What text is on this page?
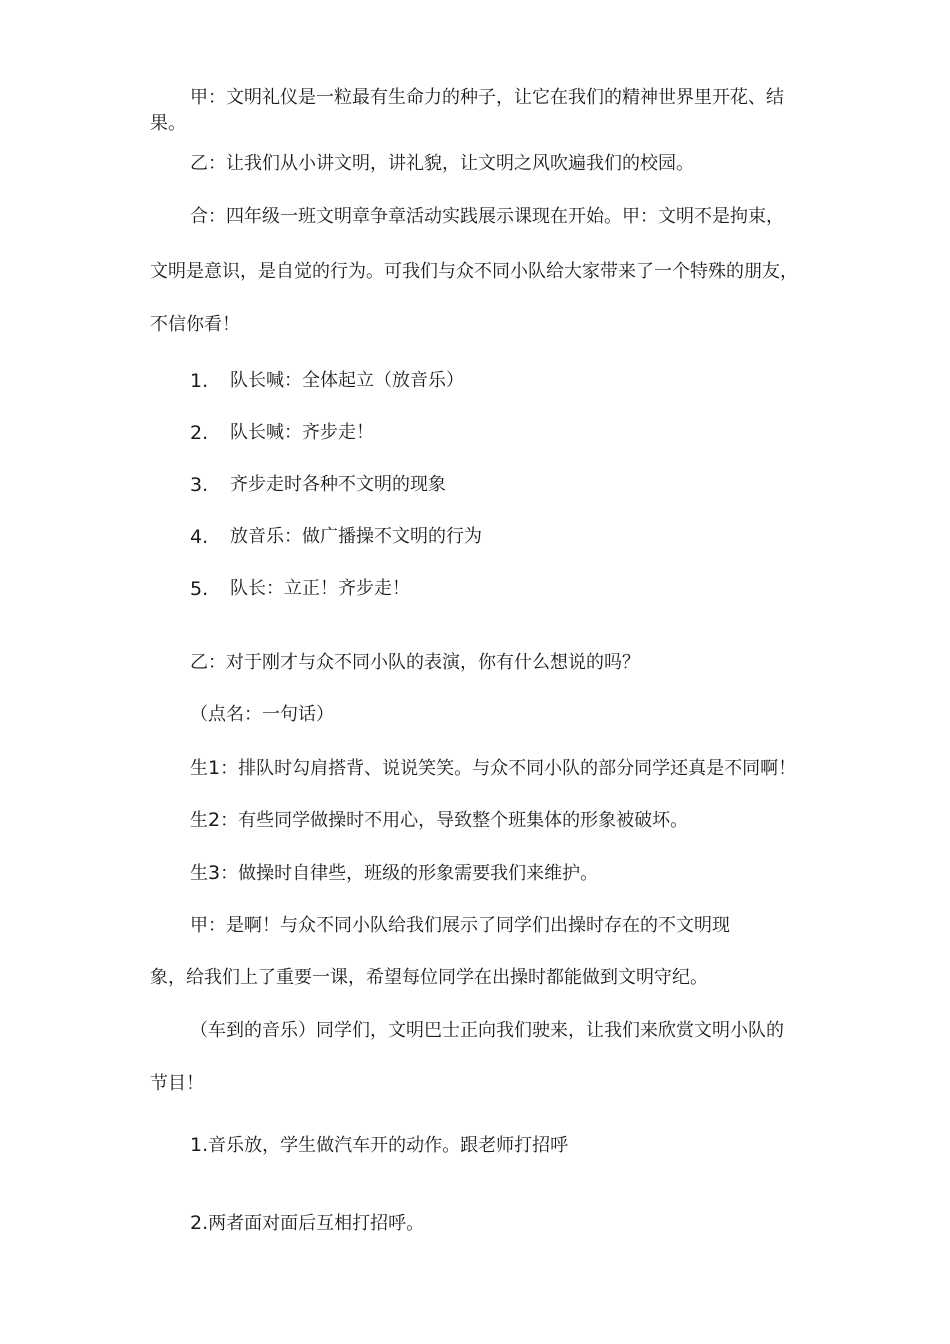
甲：文明礼仪是一粒最有生命力的种子，让它在我们的精神世界里开花、结
果。
乙：让我们从小讲文明，讲礼貌，让文明之风吹遍我们的校园。
合：四年级一班文明章争章活动实践展示课现在开始。甲：文明不是拘束，
文明是意识，是自觉的行为。可我们与众不同小队给大家带来了一个特殊的朋友，
不信你看！
1. 队长喊：全体起立（放音乐）
2. 队长喊：齐步走！
3. 齐步走时各种不文明的现象
4. 放音乐：做广播操不文明的行为
5. 队长：立正！齐步走！
乙：对于刚才与众不同小队的表演，你有什么想说的吗？
（点名：一句话）
生1：排队时勾肩搭背、说说笑笑。与众不同小队的部分同学还真是不同啊！
生2：有些同学做操时不用心，导致整个班集体的形象被破坏。
生3：做操时自律些，班级的形象需要我们来维护。
甲：是啊！与众不同小队给我们展示了同学们出操时存在的不文明现
象，给我们上了重要一课，希望每位同学在出操时都能做到文明守纪。
（车到的音乐）同学们，文明巴士正向我们驶来，让我们来欣赏文明小队的
节目！
1.音乐放，学生做汽车开的动作。跟老师打招呼
2.两者面对面后互相打招呼。
